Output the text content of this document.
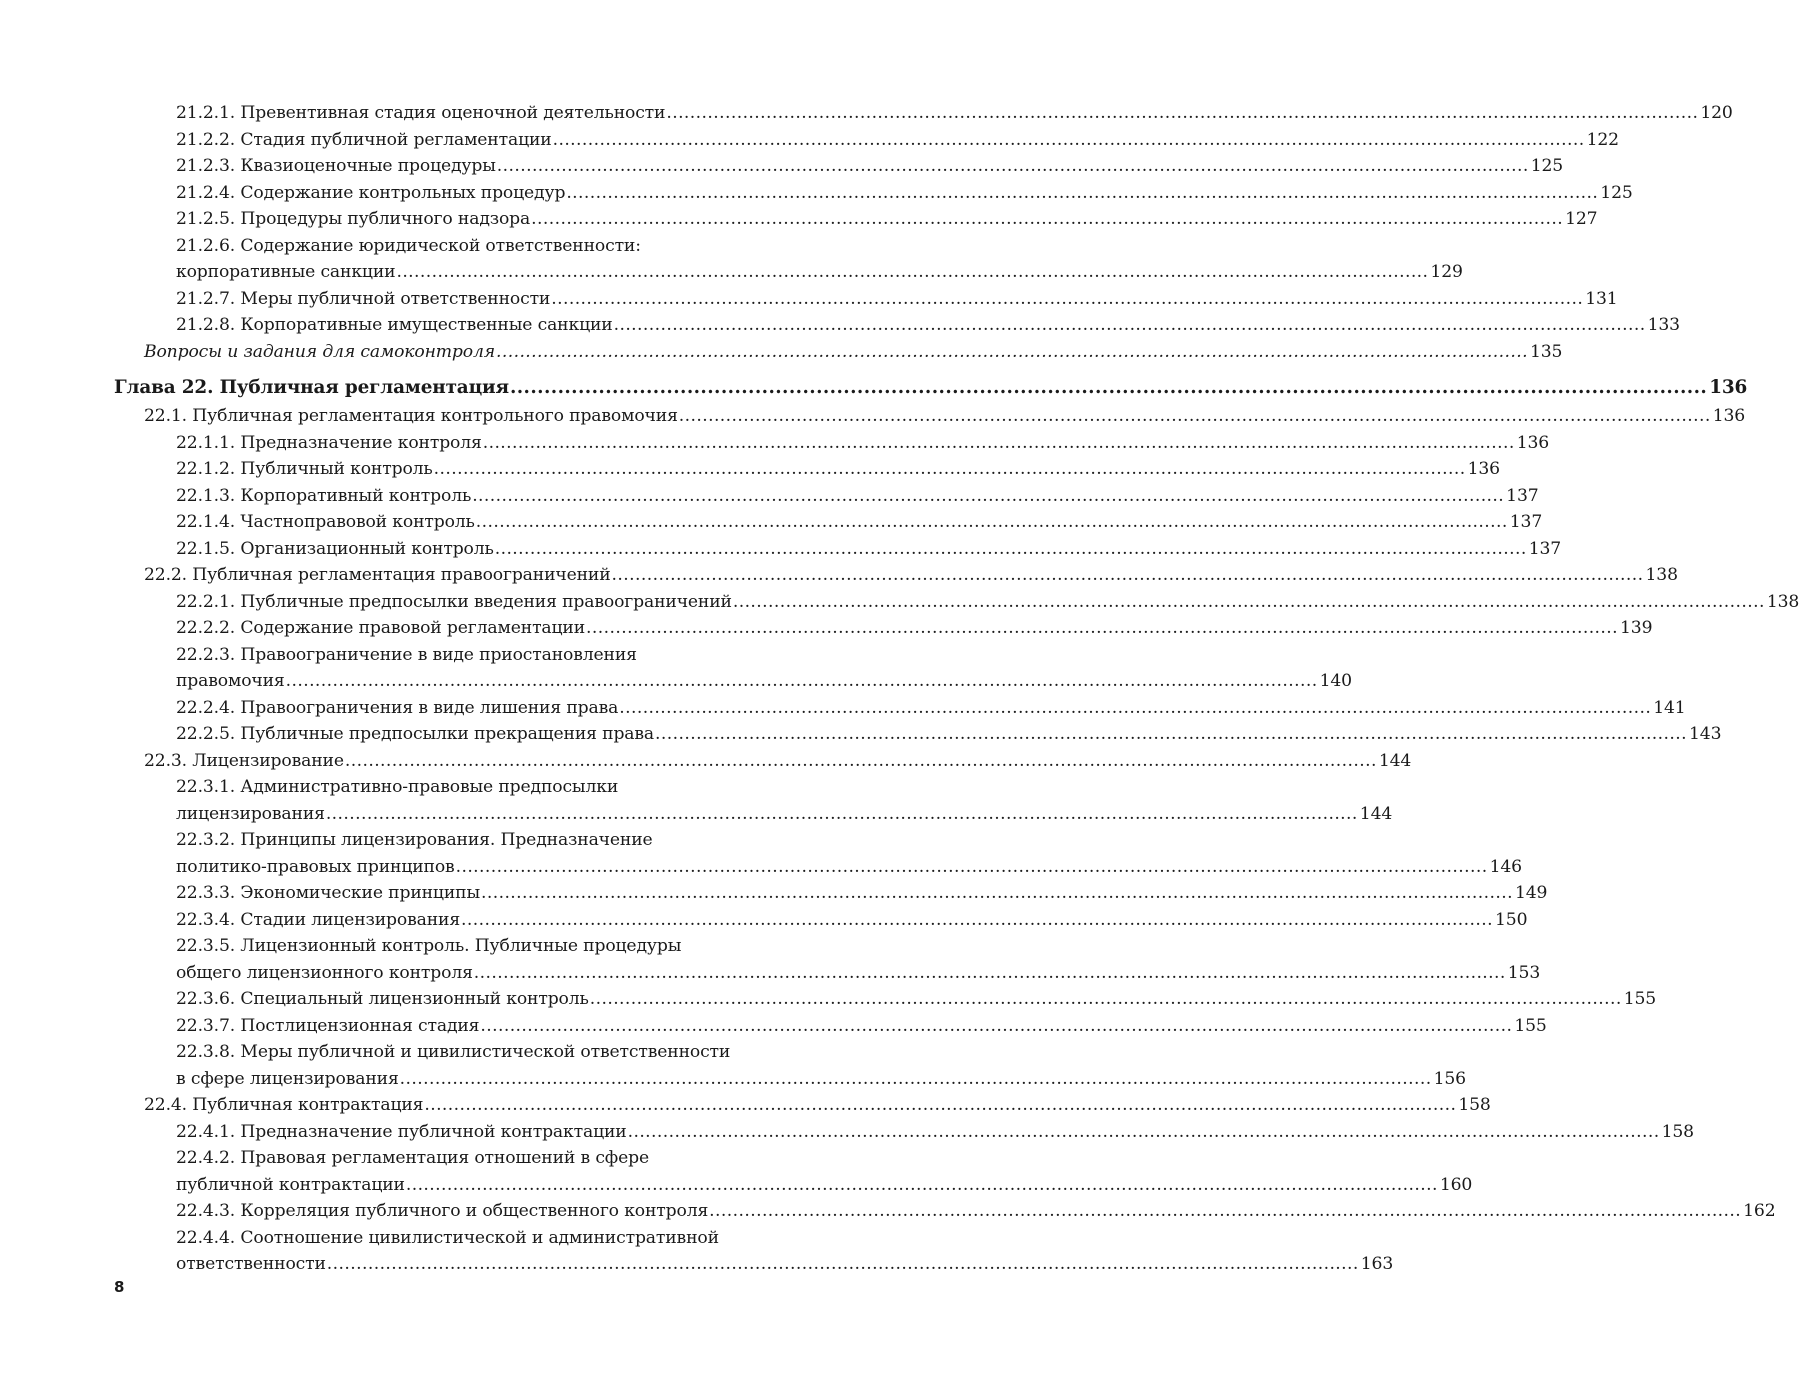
21.2.1. Превентивная стадия оценочной деятельности .....	120
21.2.2. Стадия публичной регламентации .....	122
21.2.3. Квазиоценочные процедуры .....	125
21.2.4. Содержание контрольных процедур .....	125
21.2.5. Процедуры публичного надзора .....	127
21.2.6. Содержание юридической ответственности:
корпоративные санкции .....	129
21.2.7. Меры публичной ответственности .....	131
21.2.8. Корпоративные имущественные санкции .....	133
Вопросы и задания для самоконтроля .....	135
Глава 22. Публичная регламентация .....	136
22.1. Публичная регламентация контрольного правомочия .....	136
22.1.1. Предназначение контроля .....	136
22.1.2. Публичный контроль .....	136
22.1.3. Корпоративный контроль .....	137
22.1.4. Частноправовой контроль .....	137
22.1.5. Организационный контроль .....	137
22.2. Публичная регламентация правоограничений .....	138
22.2.1. Публичные предпосылки введения правоограничений .....	138
22.2.2. Содержание правовой регламентации .....	139
22.2.3. Правоограничение в виде приостановления
правомочия .....	140
22.2.4. Правоограничения в виде лишения права .....	141
22.2.5. Публичные предпосылки прекращения права .....	143
22.3. Лицензирование .....	144
22.3.1. Административно-правовые предпосылки
лицензирования .....	144
22.3.2. Принципы лицензирования. Предназначение
политико-правовых принципов .....	146
22.3.3. Экономические принципы .....	149
22.3.4. Стадии лицензирования .....	150
22.3.5. Лицензионный контроль. Публичные процедуры
общего лицензионного контроля .....	153
22.3.6. Специальный лицензионный контроль .....	155
22.3.7. Постлицензионная стадия .....	155
22.3.8. Меры публичной и цивилистической ответственности
в сфере лицензирования .....	156
22.4. Публичная контрактация .....	158
22.4.1. Предназначение публичной контрактации .....	158
22.4.2. Правовая регламентация отношений в сфере
публичной контрактации .....	160
22.4.3. Корреляция публичного и общественного контроля .....	162
22.4.4. Соотношение цивилистической и административной
ответственности .....	163
8
